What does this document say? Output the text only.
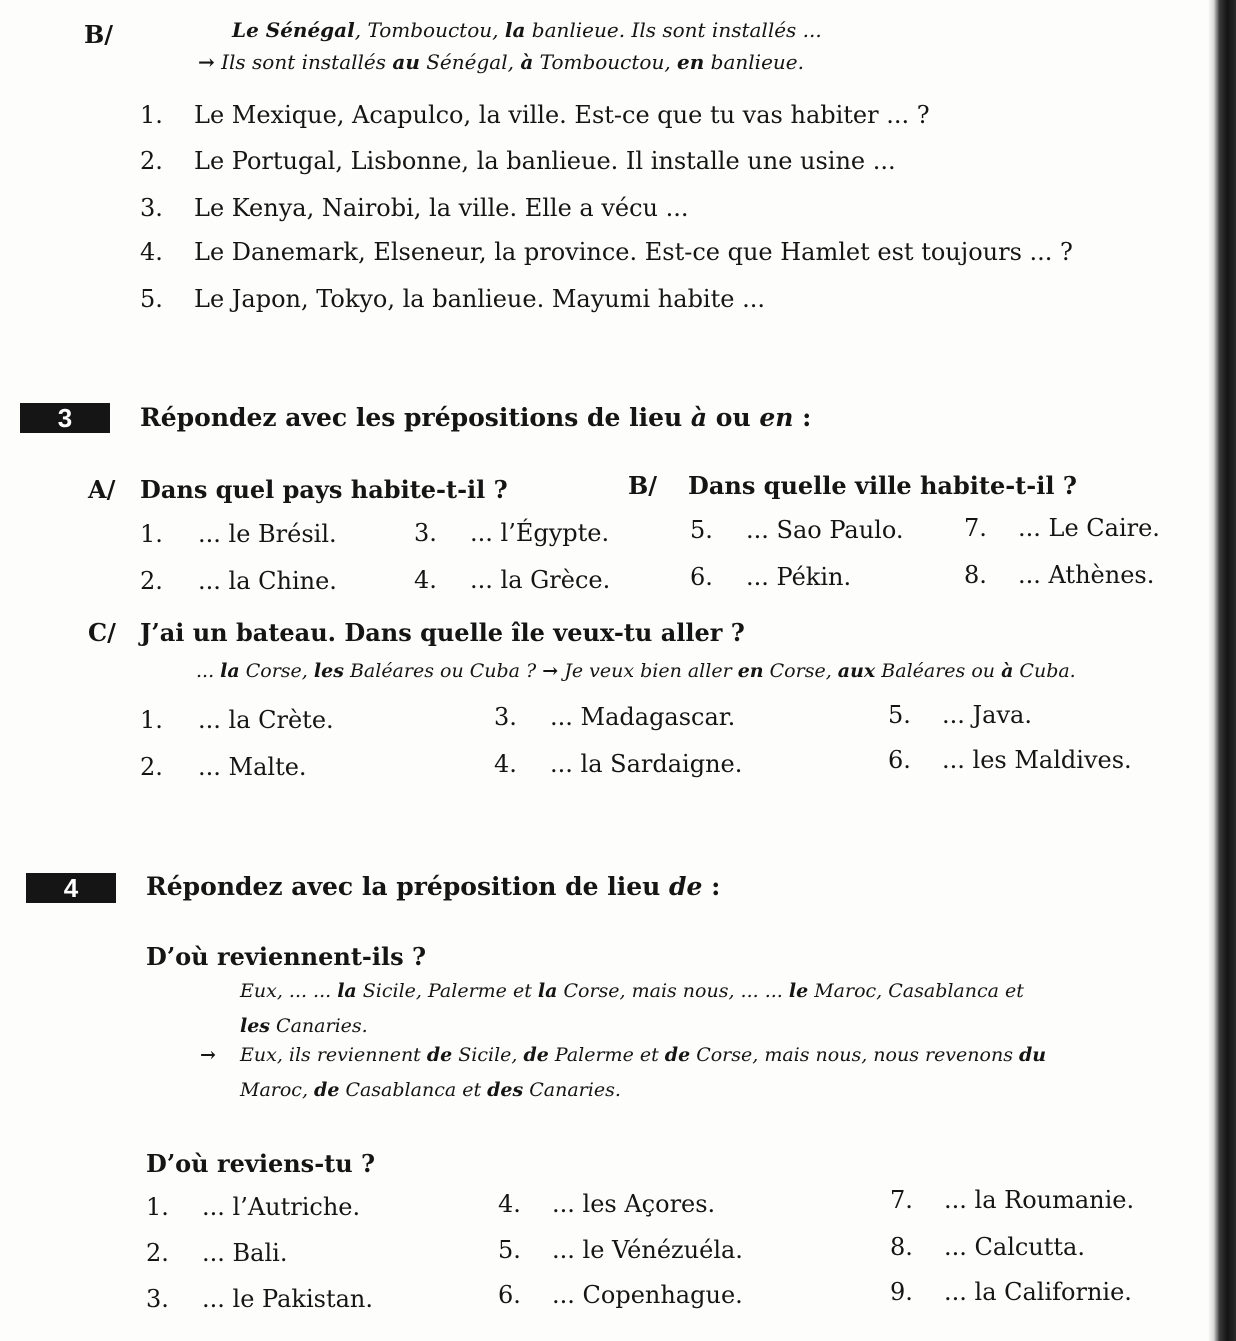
B/	Le Sénégal, Tombouctou, la banlieue. Ils sont installés ...
→ Ils sont installés au Sénégal, à Tombouctou, en banlieue.
1. Le Mexique, Acapulco, la ville. Est-ce que tu vas habiter ... ?
2. Le Portugal, Lisbonne, la banlieue. Il installe une usine ...
3. Le Kenya, Nairobi, la ville. Elle a vécu ...
4. Le Danemark, Elseneur, la province. Est-ce que Hamlet est toujours ... ?
5. Le Japon, Tokyo, la banlieue. Mayumi habite ...
3	Répondez avec les prépositions de lieu à ou en :
A/ Dans quel pays habite-t-il ?	B/ Dans quelle ville habite-t-il ?
1. ... le Brésil.
2. ... la Chine.
3. ... l’Égypte.
4. ... la Grèce.
5. ... Sao Paulo.
6. ... Pékin.
7. ... Le Caire.
8. ... Athènes.
C/ J’ai un bateau. Dans quelle île veux-tu aller ?
... la Corse, les Baléares ou Cuba ? → Je veux bien aller en Corse, aux Baléares ou à Cuba.
1. ... la Crète.
2. ... Malte.
3. ... Madagascar.
4. ... la Sardaigne.
5. ... Java.
6. ... les Maldives.
4	Répondez avec la préposition de lieu de :
D’où reviennent-ils ?
Eux, ... ... la Sicile, Palerme et la Corse, mais nous, ... ... le Maroc, Casablanca et
les Canaries.
→ Eux, ils reviennent de Sicile, de Palerme et de Corse, mais nous, nous revenons du
Maroc, de Casablanca et des Canaries.
D’où reviens-tu ?
1. ... l’Autriche.
2. ... Bali.
3. ... le Pakistan.
4. ... les Açores.
5. ... le Vénézuéla.
6. ... Copenhague.
7. ... la Roumanie.
8. ... Calcutta.
9. ... la Californie.
